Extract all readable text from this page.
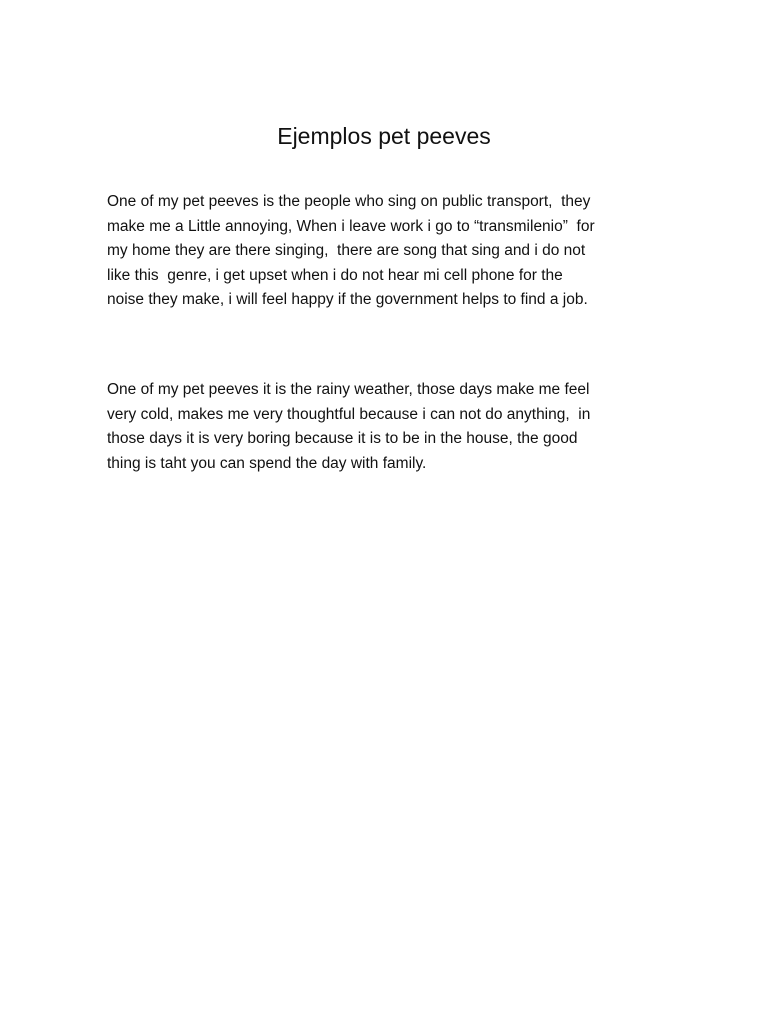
Ejemplos pet peeves

One of my pet peeves is the people who sing on public transport,  they
make me a Little annoying, When i leave work i go to “transmilenio”  for
my home they are there singing,  there are song that sing and i do not
like this  genre, i get upset when i do not hear mi cell phone for the
noise they make, i will feel happy if the government helps to find a job.

One of my pet peeves it is the rainy weather, those days make me feel
very cold, makes me very thoughtful because i can not do anything,  in
those days it is very boring because it is to be in the house, the good
thing is taht you can spend the day with family.
